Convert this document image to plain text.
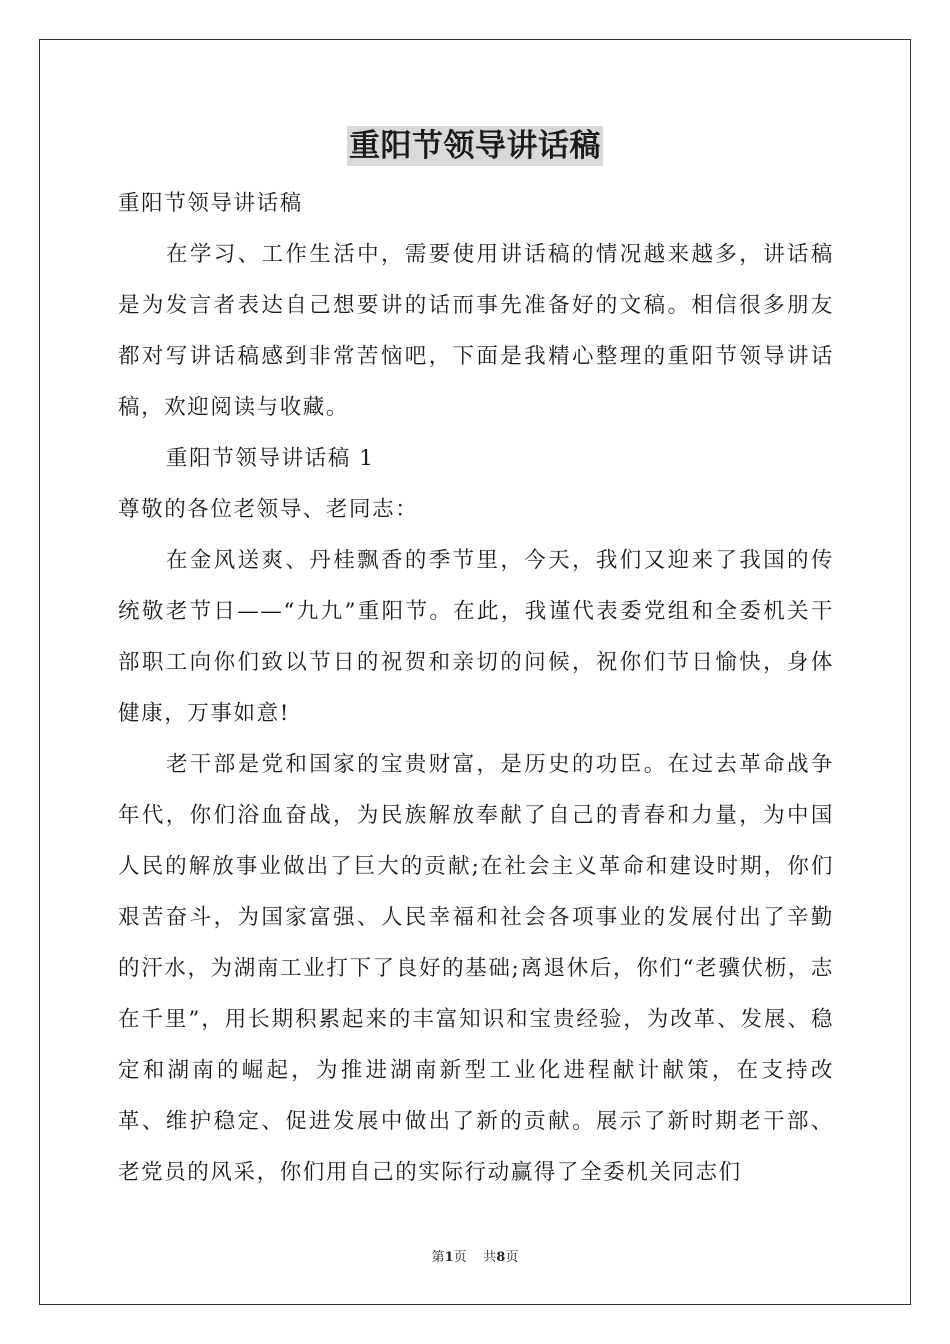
重阳节领导讲话稿

重阳节领导讲话稿

在学习、工作生活中，需要使用讲话稿的情况越来越多，讲话稿是为发言者表达自己想要讲的话而事先准备好的文稿。相信很多朋友都对写讲话稿感到非常苦恼吧，下面是我精心整理的重阳节领导讲话稿，欢迎阅读与收藏。

重阳节领导讲话稿 1

尊敬的各位老领导、老同志：

在金风送爽、丹桂飘香的季节里，今天，我们又迎来了我国的传统敬老节日——“九九”重阳节。在此，我谨代表委党组和全委机关干部职工向你们致以节日的祝贺和亲切的问候，祝你们节日愉快，身体健康，万事如意!

老干部是党和国家的宝贵财富，是历史的功臣。在过去革命战争年代，你们浴血奋战，为民族解放奉献了自己的青春和力量，为中国人民的解放事业做出了巨大的贡献;在社会主义革命和建设时期，你们艰苦奋斗，为国家富强、人民幸福和社会各项事业的发展付出了辛勤的汗水，为湖南工业打下了良好的基础;离退休后，你们“老骥伏枥，志在千里”，用长期积累起来的丰富知识和宝贵经验，为改革、发展、稳定和湖南的崛起，为推进湖南新型工业化进程献计献策，在支持改革、维护稳定、促进发展中做出了新的贡献。展示了新时期老干部、老党员的风采，你们用自己的实际行动赢得了全委机关同志们

第1页 共8页
